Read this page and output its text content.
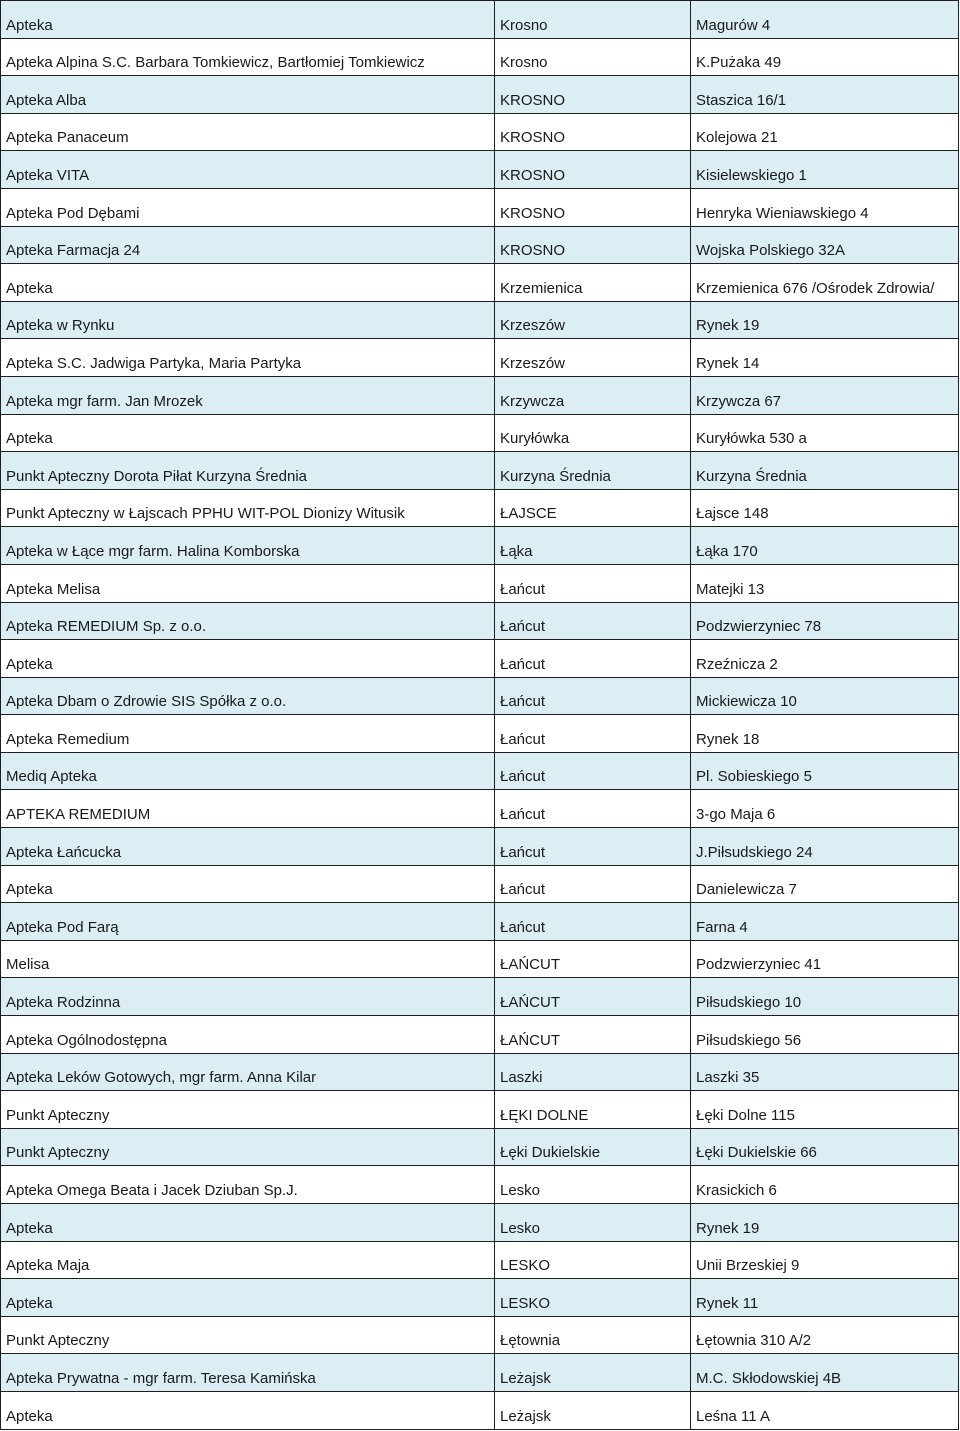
Apteka	Krosno	Magurów 4
Apteka Alpina S.C. Barbara Tomkiewicz, Bartłomiej Tomkiewicz	Krosno	K.Pużaka 49
Apteka Alba	KROSNO	Staszica 16/1
Apteka Panaceum	KROSNO	Kolejowa 21
Apteka VITA	KROSNO	Kisielewskiego 1
Apteka Pod Dębami	KROSNO	Henryka Wieniawskiego 4
Apteka Farmacja 24	KROSNO	Wojska Polskiego 32A
Apteka	Krzemienica	Krzemienica 676 /Ośrodek Zdrowia/
Apteka w Rynku	Krzeszów	Rynek 19
Apteka S.C. Jadwiga Partyka, Maria Partyka	Krzeszów	Rynek 14
Apteka mgr farm. Jan Mrozek	Krzywcza	Krzywcza 67
Apteka	Kuryłówka	Kuryłówka 530 a
Punkt Apteczny Dorota Piłat Kurzyna Średnia	Kurzyna Średnia	Kurzyna Średnia
Punkt Apteczny w Łajscach PPHU WIT-POL Dionizy Witusik	ŁAJSCE	Łajsce 148
Apteka w Łące mgr farm. Halina Komborska	Łąka	Łąka 170
Apteka Melisa	Łańcut	Matejki 13
Apteka REMEDIUM Sp. z o.o.	Łańcut	Podzwierzyniec 78
Apteka	Łańcut	Rzeźnicza 2
Apteka Dbam o Zdrowie SIS Spółka z o.o.	Łańcut	Mickiewicza 10
Apteka Remedium	Łańcut	Rynek 18
Mediq Apteka	Łańcut	Pl. Sobieskiego 5
APTEKA REMEDIUM	Łańcut	3-go Maja 6
Apteka Łańcucka	Łańcut	J.Piłsudskiego 24
Apteka	Łańcut	Danielewicza 7
Apteka Pod Farą	Łańcut	Farna 4
Melisa	ŁAŃCUT	Podzwierzyniec 41
Apteka Rodzinna	ŁAŃCUT	Piłsudskiego 10
Apteka Ogólnodostępna	ŁAŃCUT	Piłsudskiego 56
Apteka Leków Gotowych, mgr farm. Anna Kilar	Laszki	Laszki 35
Punkt Apteczny	ŁĘKI DOLNE	Łęki Dolne 115
Punkt Apteczny	Łęki Dukielskie	Łęki Dukielskie 66
Apteka Omega Beata i Jacek Dziuban Sp.J.	Lesko	Krasickich 6
Apteka	Lesko	Rynek 19
Apteka Maja	LESKO	Unii Brzeskiej 9
Apteka	LESKO	Rynek 11
Punkt Apteczny	Łętownia	Łętownia 310 A/2
Apteka Prywatna - mgr farm. Teresa Kamińska	Leżajsk	M.C. Skłodowskiej 4B
Apteka	Leżajsk	Leśna 11 A
